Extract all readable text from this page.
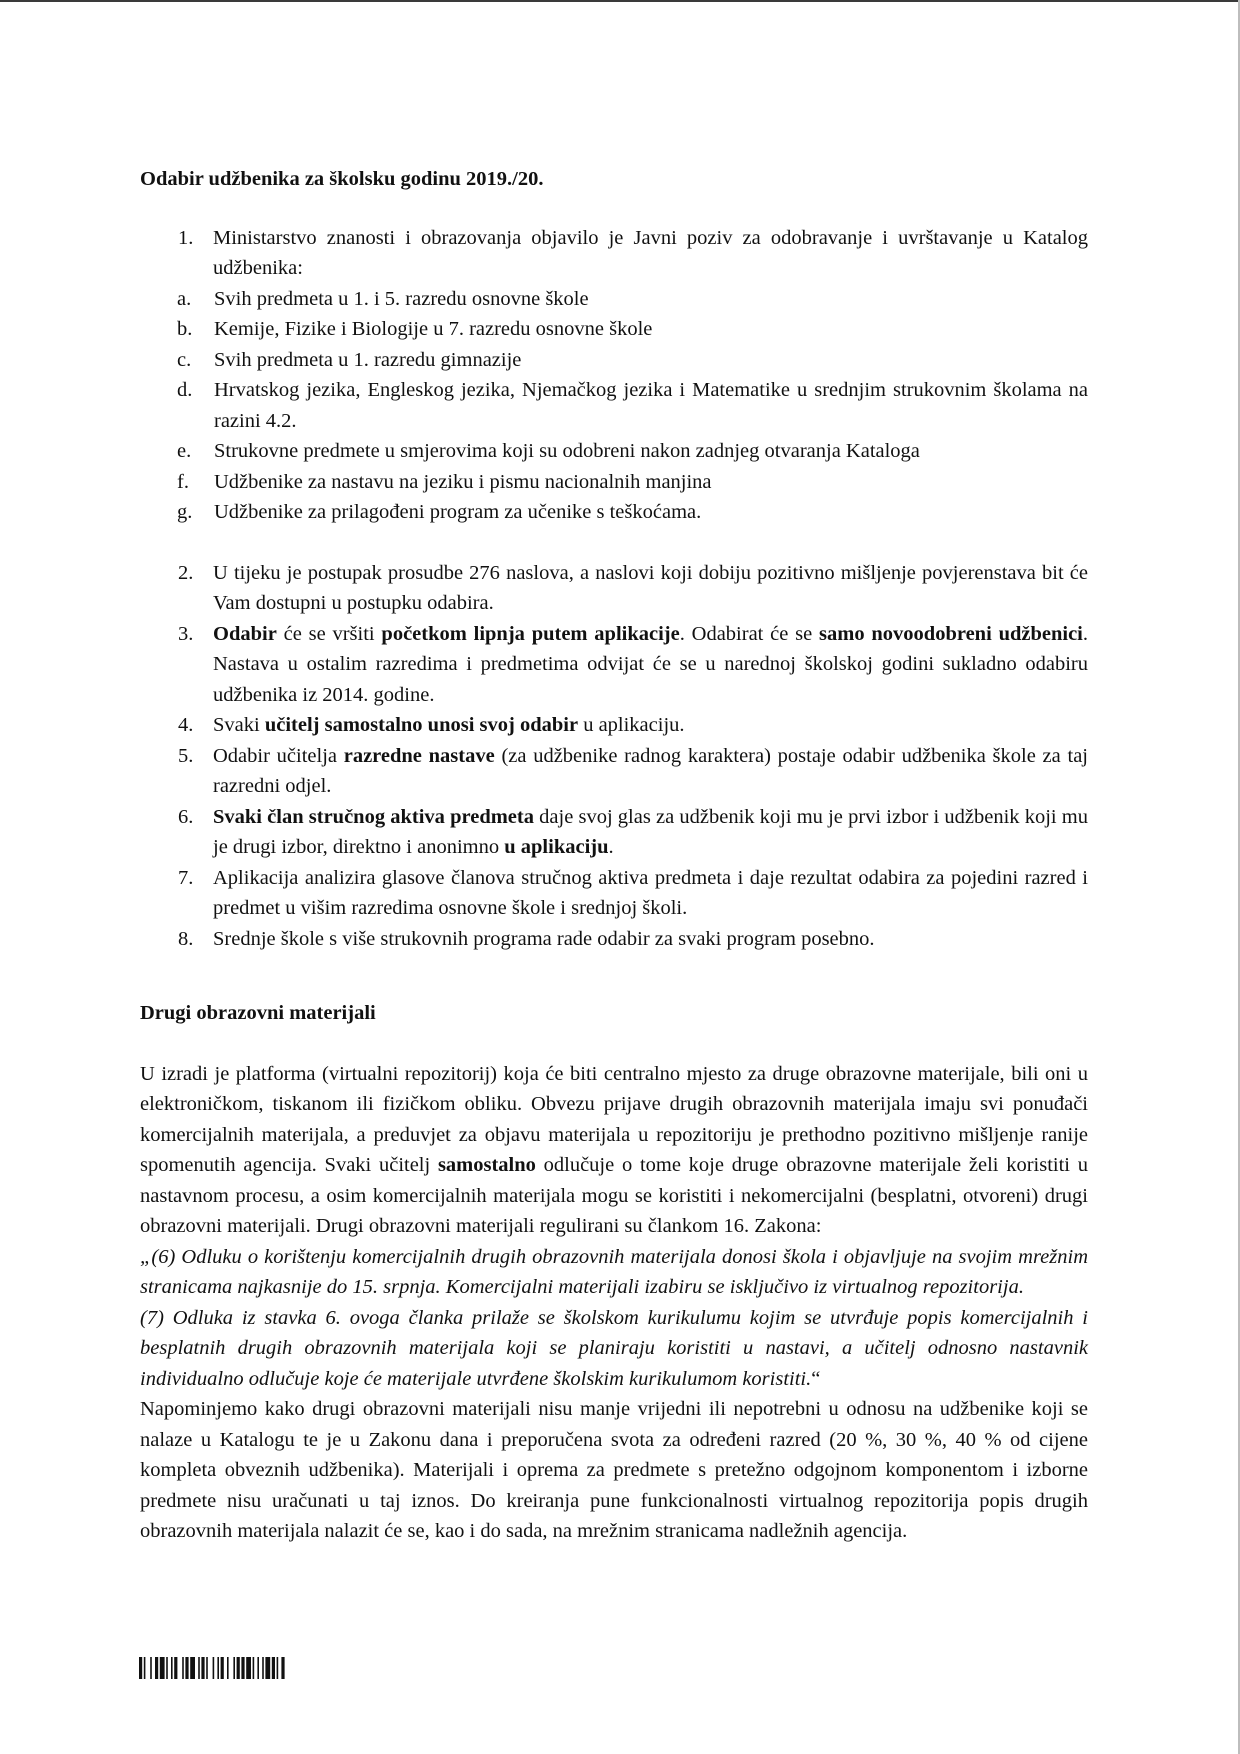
Odabir udžbenika za školsku godinu 2019./20.
1. Ministarstvo znanosti i obrazovanja objavilo je Javni poziv za odobravanje i uvrštavanje u Katalog udžbenika:
a. Svih predmeta u 1. i 5. razredu osnovne škole
b. Kemije, Fizike i Biologije u 7. razredu osnovne škole
c. Svih predmeta u 1. razredu gimnazije
d. Hrvatskog jezika, Engleskog jezika, Njemačkog jezika i Matematike u srednjim strukovnim školama na razini 4.2.
e. Strukovne predmete u smjerovima koji su odobreni nakon zadnjeg otvaranja Kataloga
f. Udžbenike za nastavu na jeziku i pismu nacionalnih manjina
g. Udžbenike za prilagođeni program za učenike s teškoćama.
2. U tijeku je postupak prosudbe 276 naslova, a naslovi koji dobiju pozitivno mišljenje povjerenstava bit će Vam dostupni u postupku odabira.
3. Odabir će se vršiti početkom lipnja putem aplikacije. Odabirat će se samo novoodobreni udžbenici. Nastava u ostalim razredima i predmetima odvijat će se u narednoj školskoj godini sukladno odabiru udžbenika iz 2014. godine.
4. Svaki učitelj samostalno unosi svoj odabir u aplikaciju.
5. Odabir učitelja razredne nastave (za udžbenike radnog karaktera) postaje odabir udžbenika škole za taj razredni odjel.
6. Svaki član stručnog aktiva predmeta daje svoj glas za udžbenik koji mu je prvi izbor i udžbenik koji mu je drugi izbor, direktno i anonimno u aplikaciju.
7. Aplikacija analizira glasove članova stručnog aktiva predmeta i daje rezultat odabira za pojedini razred i predmet u višim razredima osnovne škole i srednjoj školi.
8. Srednje škole s više strukovnih programa rade odabir za svaki program posebno.
Drugi obrazovni materijali

U izradi je platforma (virtualni repozitorij) koja će biti centralno mjesto za druge obrazovne materijale, bili oni u elektroničkom, tiskanom ili fizičkom obliku. Obvezu prijave drugih obrazovnih materijala imaju svi ponuđači komercijalnih materijala, a preduvjet za objavu materijala u repozitoriju je prethodno pozitivno mišljenje ranije spomenutih agencija. Svaki učitelj samostalno odlučuje o tome koje druge obrazovne materijale želi koristiti u nastavnom procesu, a osim komercijalnih materijala mogu se koristiti i nekomercijalni (besplatni, otvoreni) drugi obrazovni materijali. Drugi obrazovni materijali regulirani su člankom 16. Zakona:

„(6) Odluku o korištenju komercijalnih drugih obrazovnih materijala donosi škola i objavljuje na svojim mrežnim stranicama najkasnije do 15. srpnja. Komercijalni materijali izabiru se isključivo iz virtualnog repozitorija.

(7) Odluka iz stavka 6. ovoga članka prilaže se školskom kurikulumu kojim se utvrđuje popis komercijalnih i besplatnih drugih obrazovnih materijala koji se planiraju koristiti u nastavi, a učitelj odnosno nastavnik individualno odlučuje koje će materijale utvrđene školskim kurikulumom koristiti.“

Napominjemo kako drugi obrazovni materijali nisu manje vrijedni ili nepotrebni u odnosu na udžbenike koji se nalaze u Katalogu te je u Zakonu dana i preporučena svota za određeni razred (20 %, 30 %, 40 % od cijene kompleta obveznih udžbenika). Materijali i oprema za predmete s pretežno odgojnom komponentom i izborne predmete nisu uračunati u taj iznos. Do kreiranja pune funkcionalnosti virtualnog repozitorija popis drugih obrazovnih materijala nalazit će se, kao i do sada, na mrežnim stranicama nadležnih agencija.
